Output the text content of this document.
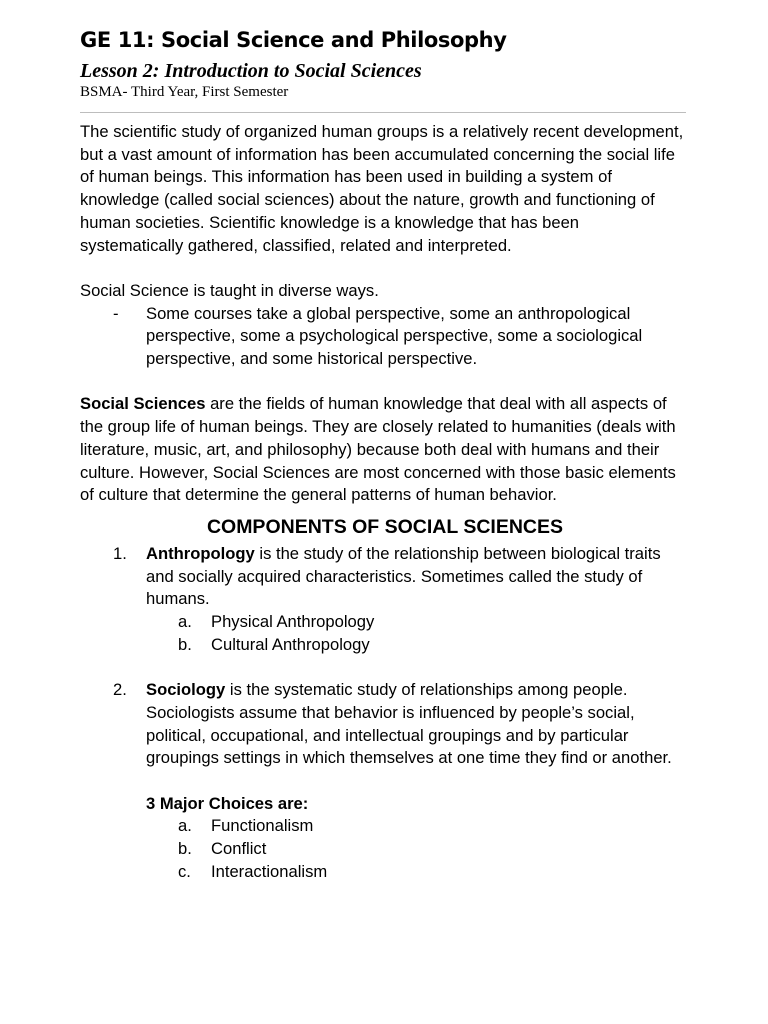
GE 11: Social Science and Philosophy
Lesson 2: Introduction to Social Sciences
BSMA- Third Year, First Semester

The scientific study of organized human groups is a relatively recent development, but a vast amount of information has been accumulated concerning the social life of human beings. This information has been used in building a system of knowledge (called social sciences) about the nature, growth and functioning of human societies. Scientific knowledge is a knowledge that has been systematically gathered, classified, related and interpreted.

Social Science is taught in diverse ways.

- Some courses take a global perspective, some an anthropological perspective, some a psychological perspective, some a sociological perspective, and some historical perspective.

Social Sciences are the fields of human knowledge that deal with all aspects of the group life of human beings. They are closely related to humanities (deals with literature, music, art, and philosophy) because both deal with humans and their culture. However, Social Sciences are most concerned with those basic elements of culture that determine the general patterns of human behavior.

COMPONENTS OF SOCIAL SCIENCES
1. Anthropology is the study of the relationship between biological traits and socially acquired characteristics. Sometimes called the study of humans.
a. Physical Anthropology
b. Cultural Anthropology
2. Sociology is the systematic study of relationships among people. Sociologists assume that behavior is influenced by people’s social, political, occupational, and intellectual groupings and by particular groupings settings in which themselves at one time they find or another.
3 Major Choices are:
a. Functionalism
b. Conflict
c. Interactionalism
